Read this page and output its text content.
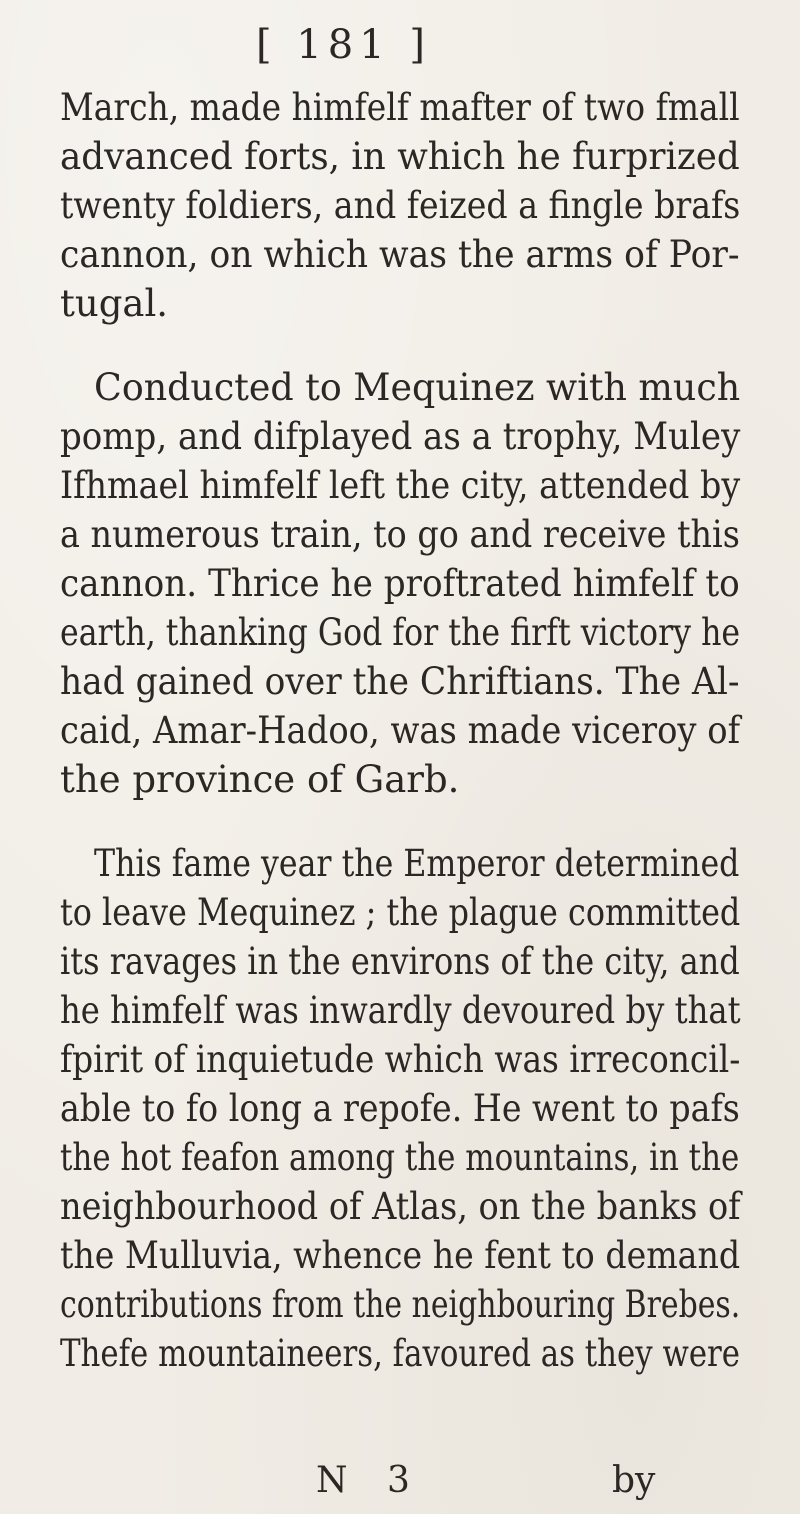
[ 181 ]
March, made himfelf mafter of two fmall
advanced forts, in which he furprized
twenty foldiers, and feized a fingle brafs
cannon, on which was the arms of Por-
tugal.
Conducted to Mequinez with much
pomp, and difplayed as a trophy, Muley
Ifhmael himfelf left the city, attended by
a numerous train, to go and receive this
cannon. Thrice he proftrated himfelf to
earth, thanking God for the firft victory he
had gained over the Chriftians. The Al-
caid, Amar-Hadoo, was made viceroy of
the province of Garb.
This fame year the Emperor determined
to leave Mequinez ; the plague committed
its ravages in the environs of the city, and
he himfelf was inwardly devoured by that
fpirit of inquietude which was irreconcil-
able to fo long a repofe. He went to pafs
the hot feafon among the mountains, in the
neighbourhood of Atlas, on the banks of
the Mulluvia, whence he fent to demand
contributions from the neighbouring Brebes.
Thefe mountaineers, favoured as they were
N 3	by
